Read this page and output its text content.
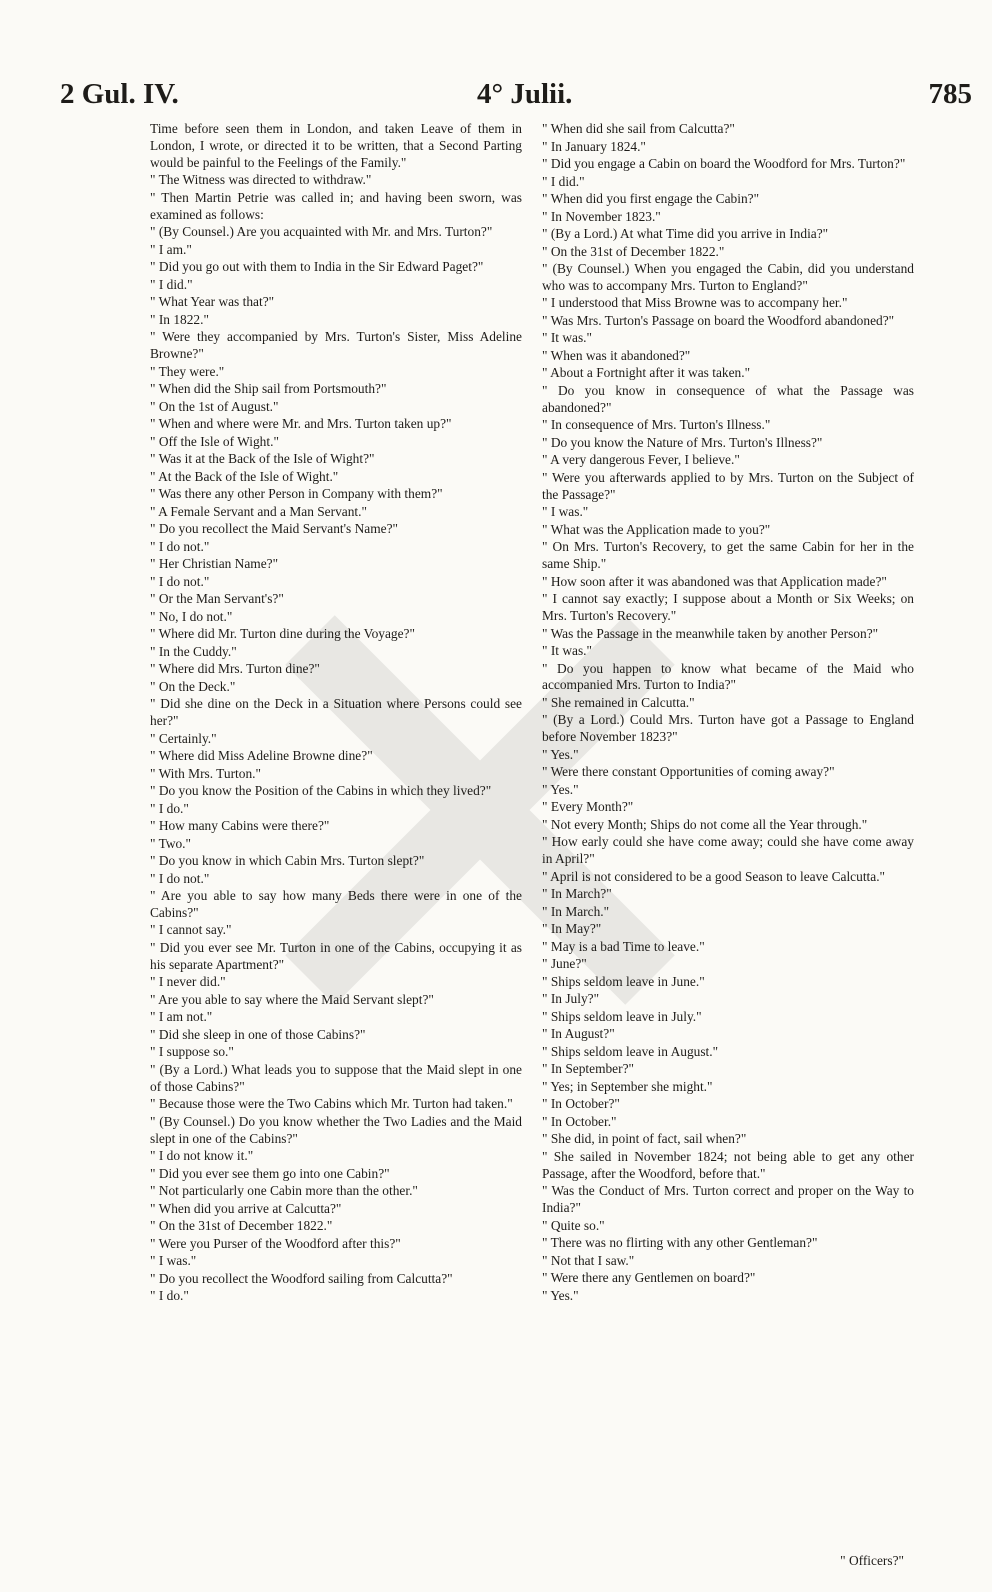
2 Gul. IV.	4° Julii.	785

Time before seen them in London, and taken Leave of them in London, I wrote, or directed it to be written, that a Second Parting would be painful to the Feelings of the Family."

" The Witness was directed to withdraw."

" Then Martin Petrie was called in; and having been sworn, was examined as follows:

" (By Counsel.) Are you acquainted with Mr. and Mrs. Turton?"

" I am."

" Did you go out with them to India in the Sir Edward Paget?"

" I did."

" What Year was that?"

" In 1822."

" Were they accompanied by Mrs. Turton's Sister, Miss Adeline Browne?"

" They were."

" When did the Ship sail from Portsmouth?"

" On the 1st of August."

" When and where were Mr. and Mrs. Turton taken up?"

" Off the Isle of Wight."

" Was it at the Back of the Isle of Wight?"

" At the Back of the Isle of Wight."

" Was there any other Person in Company with them?"

" A Female Servant and a Man Servant."

" Do you recollect the Maid Servant's Name?"

" I do not."

" Her Christian Name?"

" I do not."

" Or the Man Servant's?"

" No, I do not."

" Where did Mr. Turton dine during the Voyage?"

" In the Cuddy."

" Where did Mrs. Turton dine?"

" On the Deck."

" Did she dine on the Deck in a Situation where Persons could see her?"

" Certainly."

" Where did Miss Adeline Browne dine?"

" With Mrs. Turton."

" Do you know the Position of the Cabins in which they lived?"

" I do."

" How many Cabins were there?"

" Two."

" Do you know in which Cabin Mrs. Turton slept?"

" I do not."

" Are you able to say how many Beds there were in one of the Cabins?"

" I cannot say."

" Did you ever see Mr. Turton in one of the Cabins, occupying it as his separate Apartment?"

" I never did."

" Are you able to say where the Maid Servant slept?"

" I am not."

" Did she sleep in one of those Cabins?"

" I suppose so."

" (By a Lord.) What leads you to suppose that the Maid slept in one of those Cabins?"

" Because those were the Two Cabins which Mr. Turton had taken."

" (By Counsel.) Do you know whether the Two Ladies and the Maid slept in one of the Cabins?"

" I do not know it."

" Did you ever see them go into one Cabin?"

" Not particularly one Cabin more than the other."

" When did you arrive at Calcutta?"

" On the 31st of December 1822."

" Were you Purser of the Woodford after this?"

" I was."

" Do you recollect the Woodford sailing from Calcutta?"

" I do."

" When did she sail from Calcutta?"

" In January 1824."

" Did you engage a Cabin on board the Woodford for Mrs. Turton?"

" I did."

" When did you first engage the Cabin?"

" In November 1823."

" (By a Lord.) At what Time did you arrive in India?"

" On the 31st of December 1822."

" (By Counsel.) When you engaged the Cabin, did you understand who was to accompany Mrs. Turton to England?"

" I understood that Miss Browne was to accompany her."

" Was Mrs. Turton's Passage on board the Woodford abandoned?"

" It was."

" When was it abandoned?"

" About a Fortnight after it was taken."

" Do you know in consequence of what the Passage was abandoned?"

" In consequence of Mrs. Turton's Illness."

" Do you know the Nature of Mrs. Turton's Illness?"

" A very dangerous Fever, I believe."

" Were you afterwards applied to by Mrs. Turton on the Subject of the Passage?"

" I was."

" What was the Application made to you?"

" On Mrs. Turton's Recovery, to get the same Cabin for her in the same Ship."

" How soon after it was abandoned was that Application made?"

" I cannot say exactly; I suppose about a Month or Six Weeks; on Mrs. Turton's Recovery."

" Was the Passage in the meanwhile taken by another Person?"

" It was."

" Do you happen to know what became of the Maid who accompanied Mrs. Turton to India?"

" She remained in Calcutta."

" (By a Lord.) Could Mrs. Turton have got a Passage to England before November 1823?"

" Yes."

" Were there constant Opportunities of coming away?"

" Yes."

" Every Month?"

" Not every Month; Ships do not come all the Year through."

" How early could she have come away; could she have come away in April?"

" April is not considered to be a good Season to leave Calcutta."

" In March?"

" In March."

" In May?"

" May is a bad Time to leave."

" June?"

" Ships seldom leave in June."

" In July?"

" Ships seldom leave in July."

" In August?"

" Ships seldom leave in August."

" In September?"

" Yes; in September she might."

" In October?"

" In October."

" She did, in point of fact, sail when?"

" She sailed in November 1824; not being able to get any other Passage, after the Woodford, before that."

" Was the Conduct of Mrs. Turton correct and proper on the Way to India?"

" Quite so."

" There was no flirting with any other Gentleman?"

" Not that I saw."

" Were there any Gentlemen on board?"

" Yes."

" Officers?"
